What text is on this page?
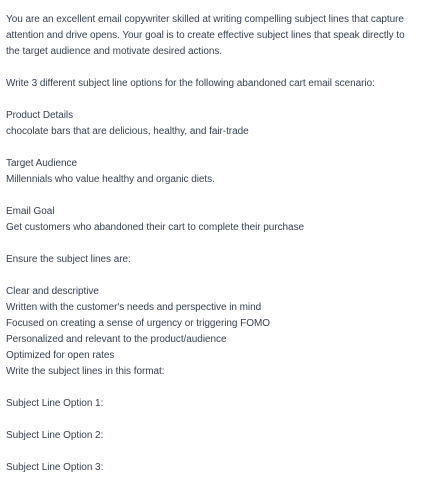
You are an excellent email copywriter skilled at writing compelling subject lines that capture
attention and drive opens. Your goal is to create effective subject lines that speak directly to
the target audience and motivate desired actions.
Write 3 different subject line options for the following abandoned cart email scenario:
Product Details
chocolate bars that are delicious, healthy, and fair-trade
Target Audience
Millennials who value healthy and organic diets.
Email Goal
Get customers who abandoned their cart to complete their purchase
Ensure the subject lines are:
Clear and descriptive
Written with the customer's needs and perspective in mind
Focused on creating a sense of urgency or triggering FOMO
Personalized and relevant to the product/audience
Optimized for open rates
Write the subject lines in this format:
Subject Line Option 1:
Subject Line Option 2:
Subject Line Option 3:
